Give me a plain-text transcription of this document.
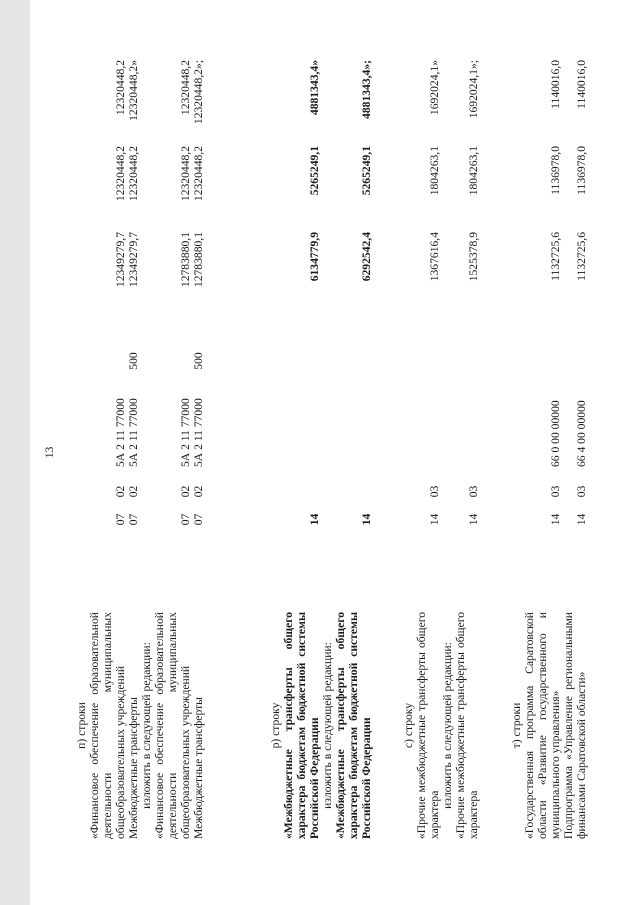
13
п) строки «Финансовое обеспечение образовательной деятельности муниципальных общеобразовательных учреждений
07
02
5А 2 11 77000
12349279,7
12320448,2
12320448,2
Межбюджетные трансферты
07
02
5А 2 11 77000
500
12349279,7
12320448,2
12320448,2»
изложить в следующей редакции: «Финансовое обеспечение образовательной деятельности муниципальных общеобразовательных учреждений
07
02
5А 2 11 77000
12783880,1
12320448,2
12320448,2
Межбюджетные трансферты
07
02
5А 2 11 77000
500
12783880,1
12320448,2
12320448,2»;
р) строку «Межбюджетные трансферты общего характера бюджетам бюджетной системы Российской Федерации
14
6134779,9
5265249,1
4881343,4»
изложить в следующей редакции: «Межбюджетные трансферты общего характера бюджетам бюджетной системы Российской Федерации
14
6292542,4
5265249,1
4881343,4»;
с) строку «Прочие межбюджетные трансферты общего характера
14
03
1367616,4
1804263,1
1692024,1»
изложить в следующей редакции: «Прочие межбюджетные трансферты общего характера
14
03
1525378,9
1804263,1
1692024,1»;
т) строки «Государственная программа Саратовской области «Развитие государственного и муниципального управления»
14
03
66 0 00 00000
1132725,6
1136978,0
1140016,0
Подпрограмма «Управление региональными финансами Саратовской области»
14
03
66 4 00 00000
1132725,6
1136978,0
1140016,0
